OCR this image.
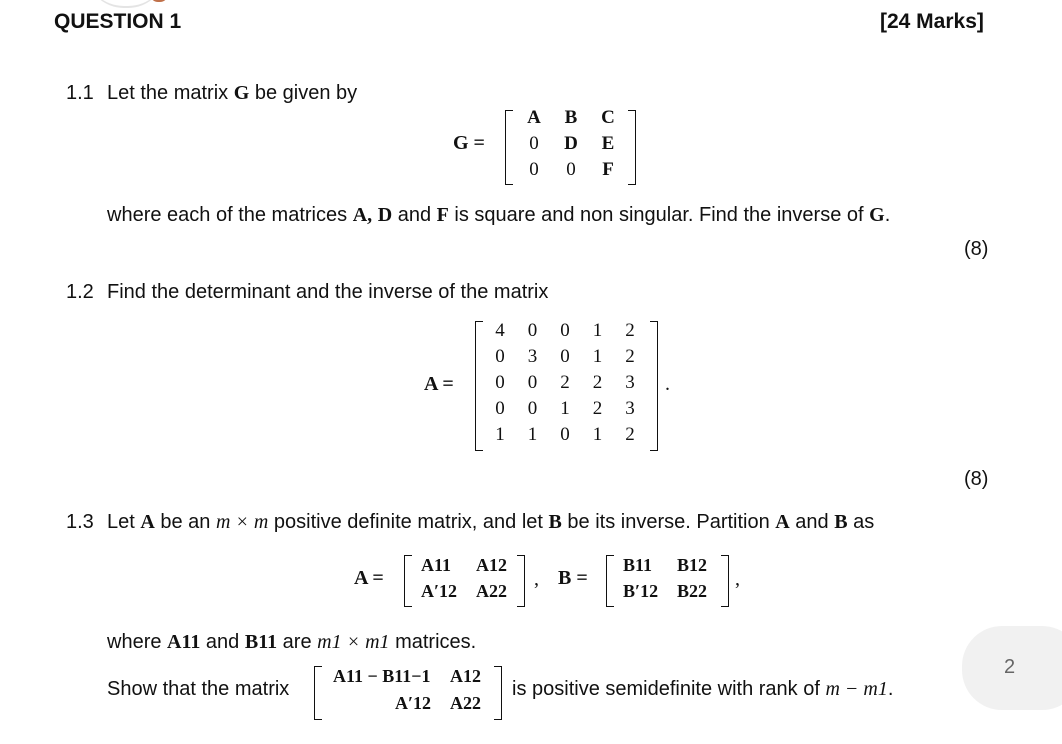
QUESTION 1	[24 Marks]
1.1 Let the matrix G be given by
G =
A	B	C
0	D	E
0	0	F
where each of the matrices A, D and F is square and non singular. Find the inverse of G.
(8)
1.2 Find the determinant and the inverse of the matrix
A =
4	0	0	1	2
0	3	0	1	2
0	0	2	2	3
0	0	1	2	3
1	1	0	1	2
.
(8)
1.3 Let A be an m × m positive definite matrix, and let B be its inverse. Partition A and B as
A =
A11 A12
A′12 A22
, B =
B11 B12
B′12 B22
,
where A11 and B11 are m1 × m1 matrices.
Show that the matrix
A11 − B11−1 A12
A′12 A22
is positive semidefinite with rank of m − m1.
2
